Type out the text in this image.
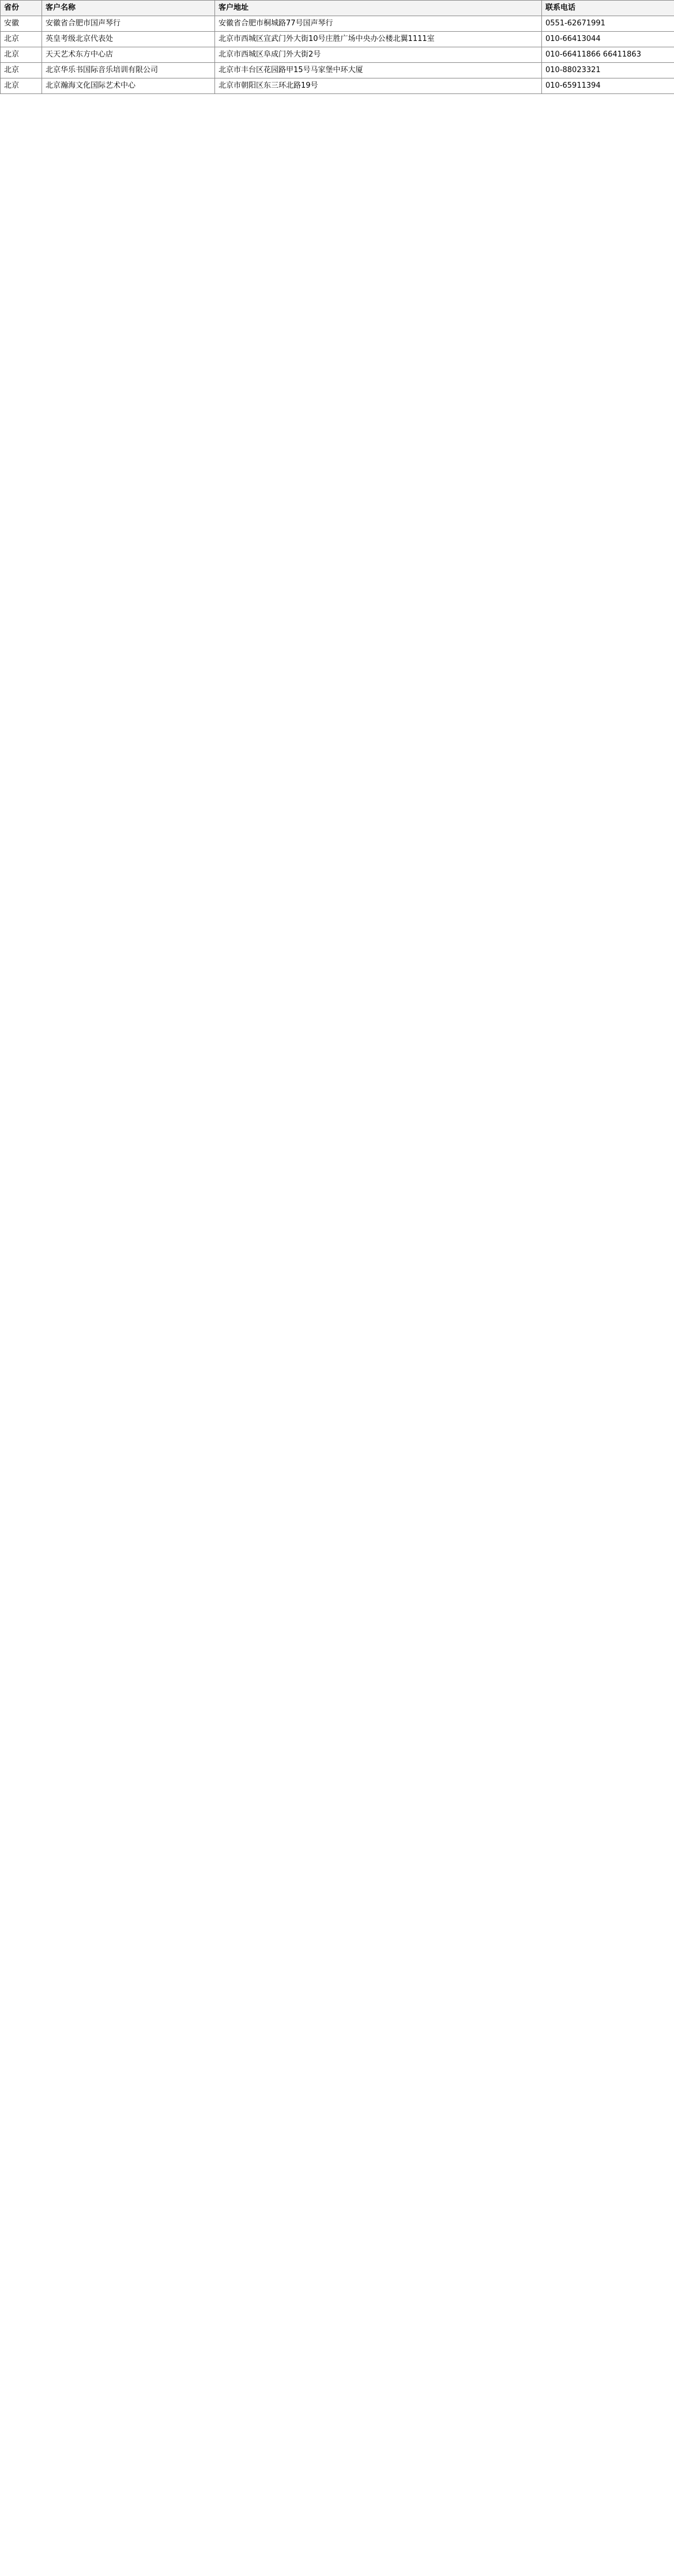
省份	客户名称	客户地址	联系电话
安徽	安徽省合肥市国声琴行	安徽省合肥市桐城路77号国声琴行	0551-62671991
北京	英皇考级北京代表处	北京市西城区宣武门外大街10号庄胜广场中央办公楼北翼1111室	010-66413044
北京	天天艺术东方中心店	北京市西城区阜成门外大街2号	010-66411866 66411863
北京	北京华乐书国际音乐培训有限公司	北京市丰台区花园路甲15号马家堡中环大厦	010-88023321
北京	北京瀚海文化国际艺术中心	北京市朝阳区东三环北路19号	010-65911394
